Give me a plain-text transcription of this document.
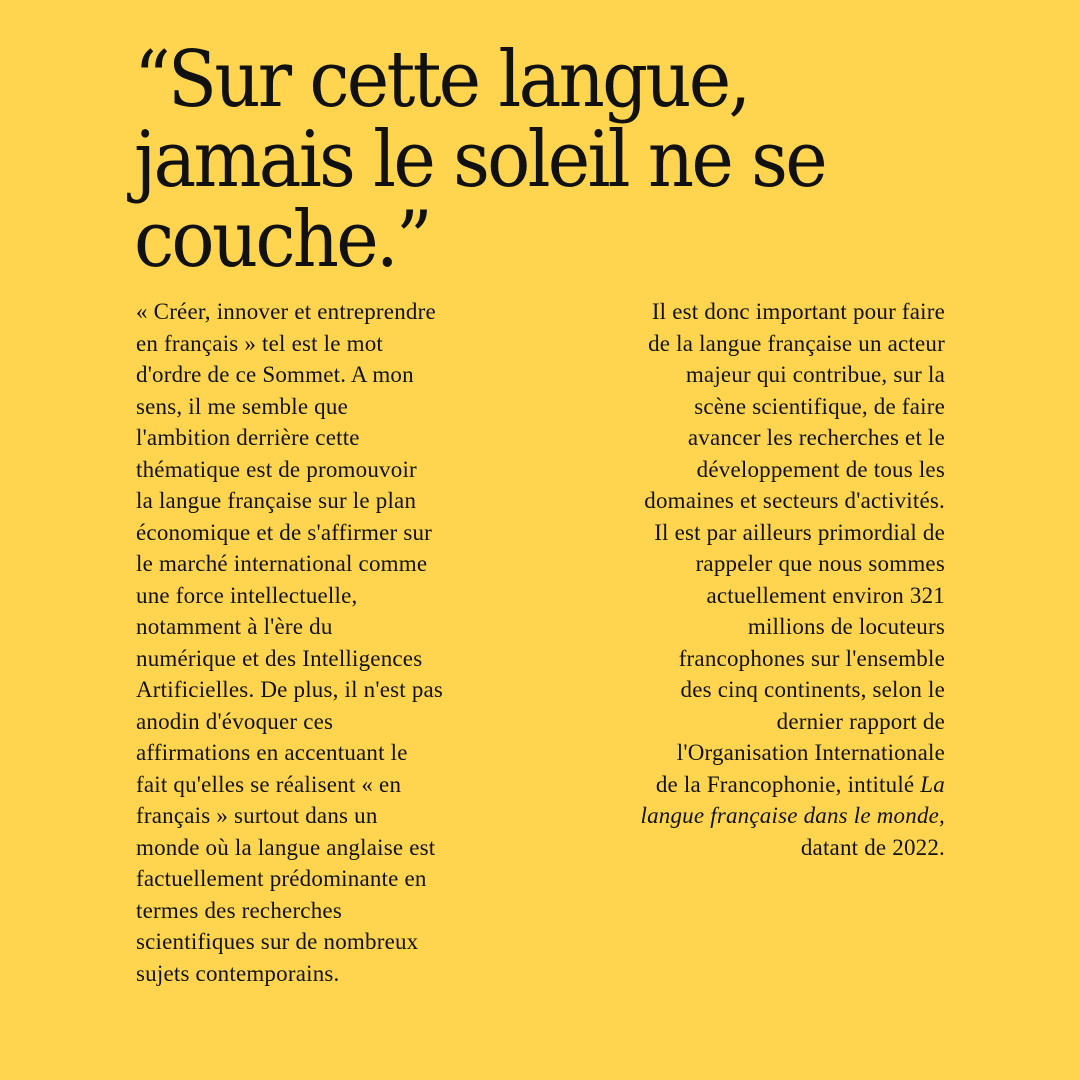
“Sur cette langue,
jamais le soleil ne se
couche.”
« Créer, innover et entreprendre
en français » tel est le mot
d'ordre de ce Sommet. A mon
sens, il me semble que
l'ambition derrière cette
thématique est de promouvoir
la langue française sur le plan
économique et de s'affirmer sur
le marché international comme
une force intellectuelle,
notamment à l'ère du
numérique et des Intelligences
Artificielles. De plus, il n'est pas
anodin d'évoquer ces
affirmations en accentuant le
fait qu'elles se réalisent « en
français » surtout dans un
monde où la langue anglaise est
factuellement prédominante en
termes des recherches
scientifiques sur de nombreux
sujets contemporains.
Il est donc important pour faire
de la langue française un acteur
majeur qui contribue, sur la
scène scientifique, de faire
avancer les recherches et le
développement de tous les
domaines et secteurs d'activités.
Il est par ailleurs primordial de
rappeler que nous sommes
actuellement environ 321
millions de locuteurs
francophones sur l'ensemble
des cinq continents, selon le
dernier rapport de
l'Organisation Internationale
de la Francophonie, intitulé La
langue française dans le monde,
datant de 2022.
